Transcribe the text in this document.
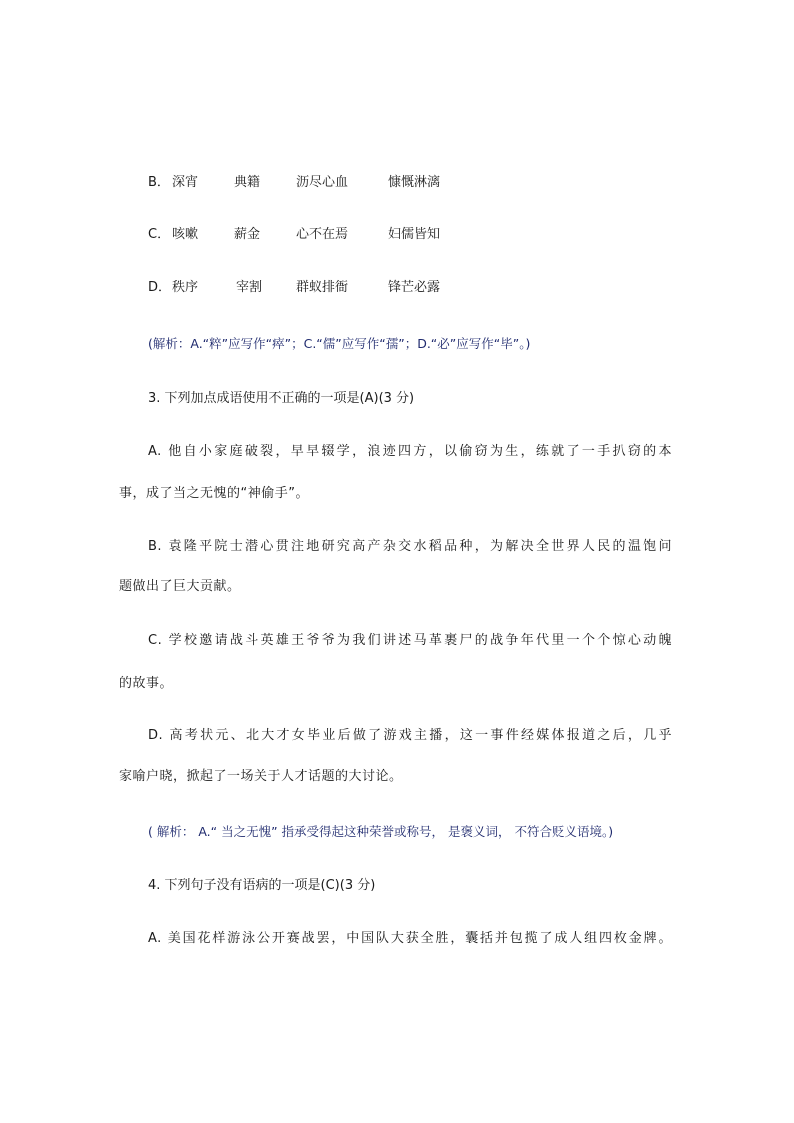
B． 深宵	典籍	沥尽心血	慷慨淋漓
C． 咳嗽	薪金	心不在焉	妇儒皆知
D． 秩序	宰割	群蚁排衙	锋芒必露
(解析：A.“粹”应写作“瘁”；C.“儒”应写作“孺”；D.“必”应写作“毕”。)
3. 下列加点成语使用不正确的一项是(A)(3 分)
A. 他自小家庭破裂，早早辍学，浪迹四方，以偷窃为生，练就了一手扒窃的本
事，成了当之无愧的“神偷手”。
B. 袁隆平院士潜心贯注地研究高产杂交水稻品种，为解决全世界人民的温饱问
题做出了巨大贡献。
C. 学校邀请战斗英雄王爷爷为我们讲述马革裹尸的战争年代里一个个惊心动魄
的故事。
D. 高考状元、北大才女毕业后做了游戏主播，这一事件经媒体报道之后，几乎
家喻户晓，掀起了一场关于人才话题的大讨论。
( 解析： A.“ 当之无愧” 指承受得起这种荣誉或称号， 是褒义词， 不符合贬义语境。)
4. 下列句子没有语病的一项是(C)(3 分)
A. 美国花样游泳公开赛战罢，中国队大获全胜，囊括并包揽了成人组四枚金牌。
